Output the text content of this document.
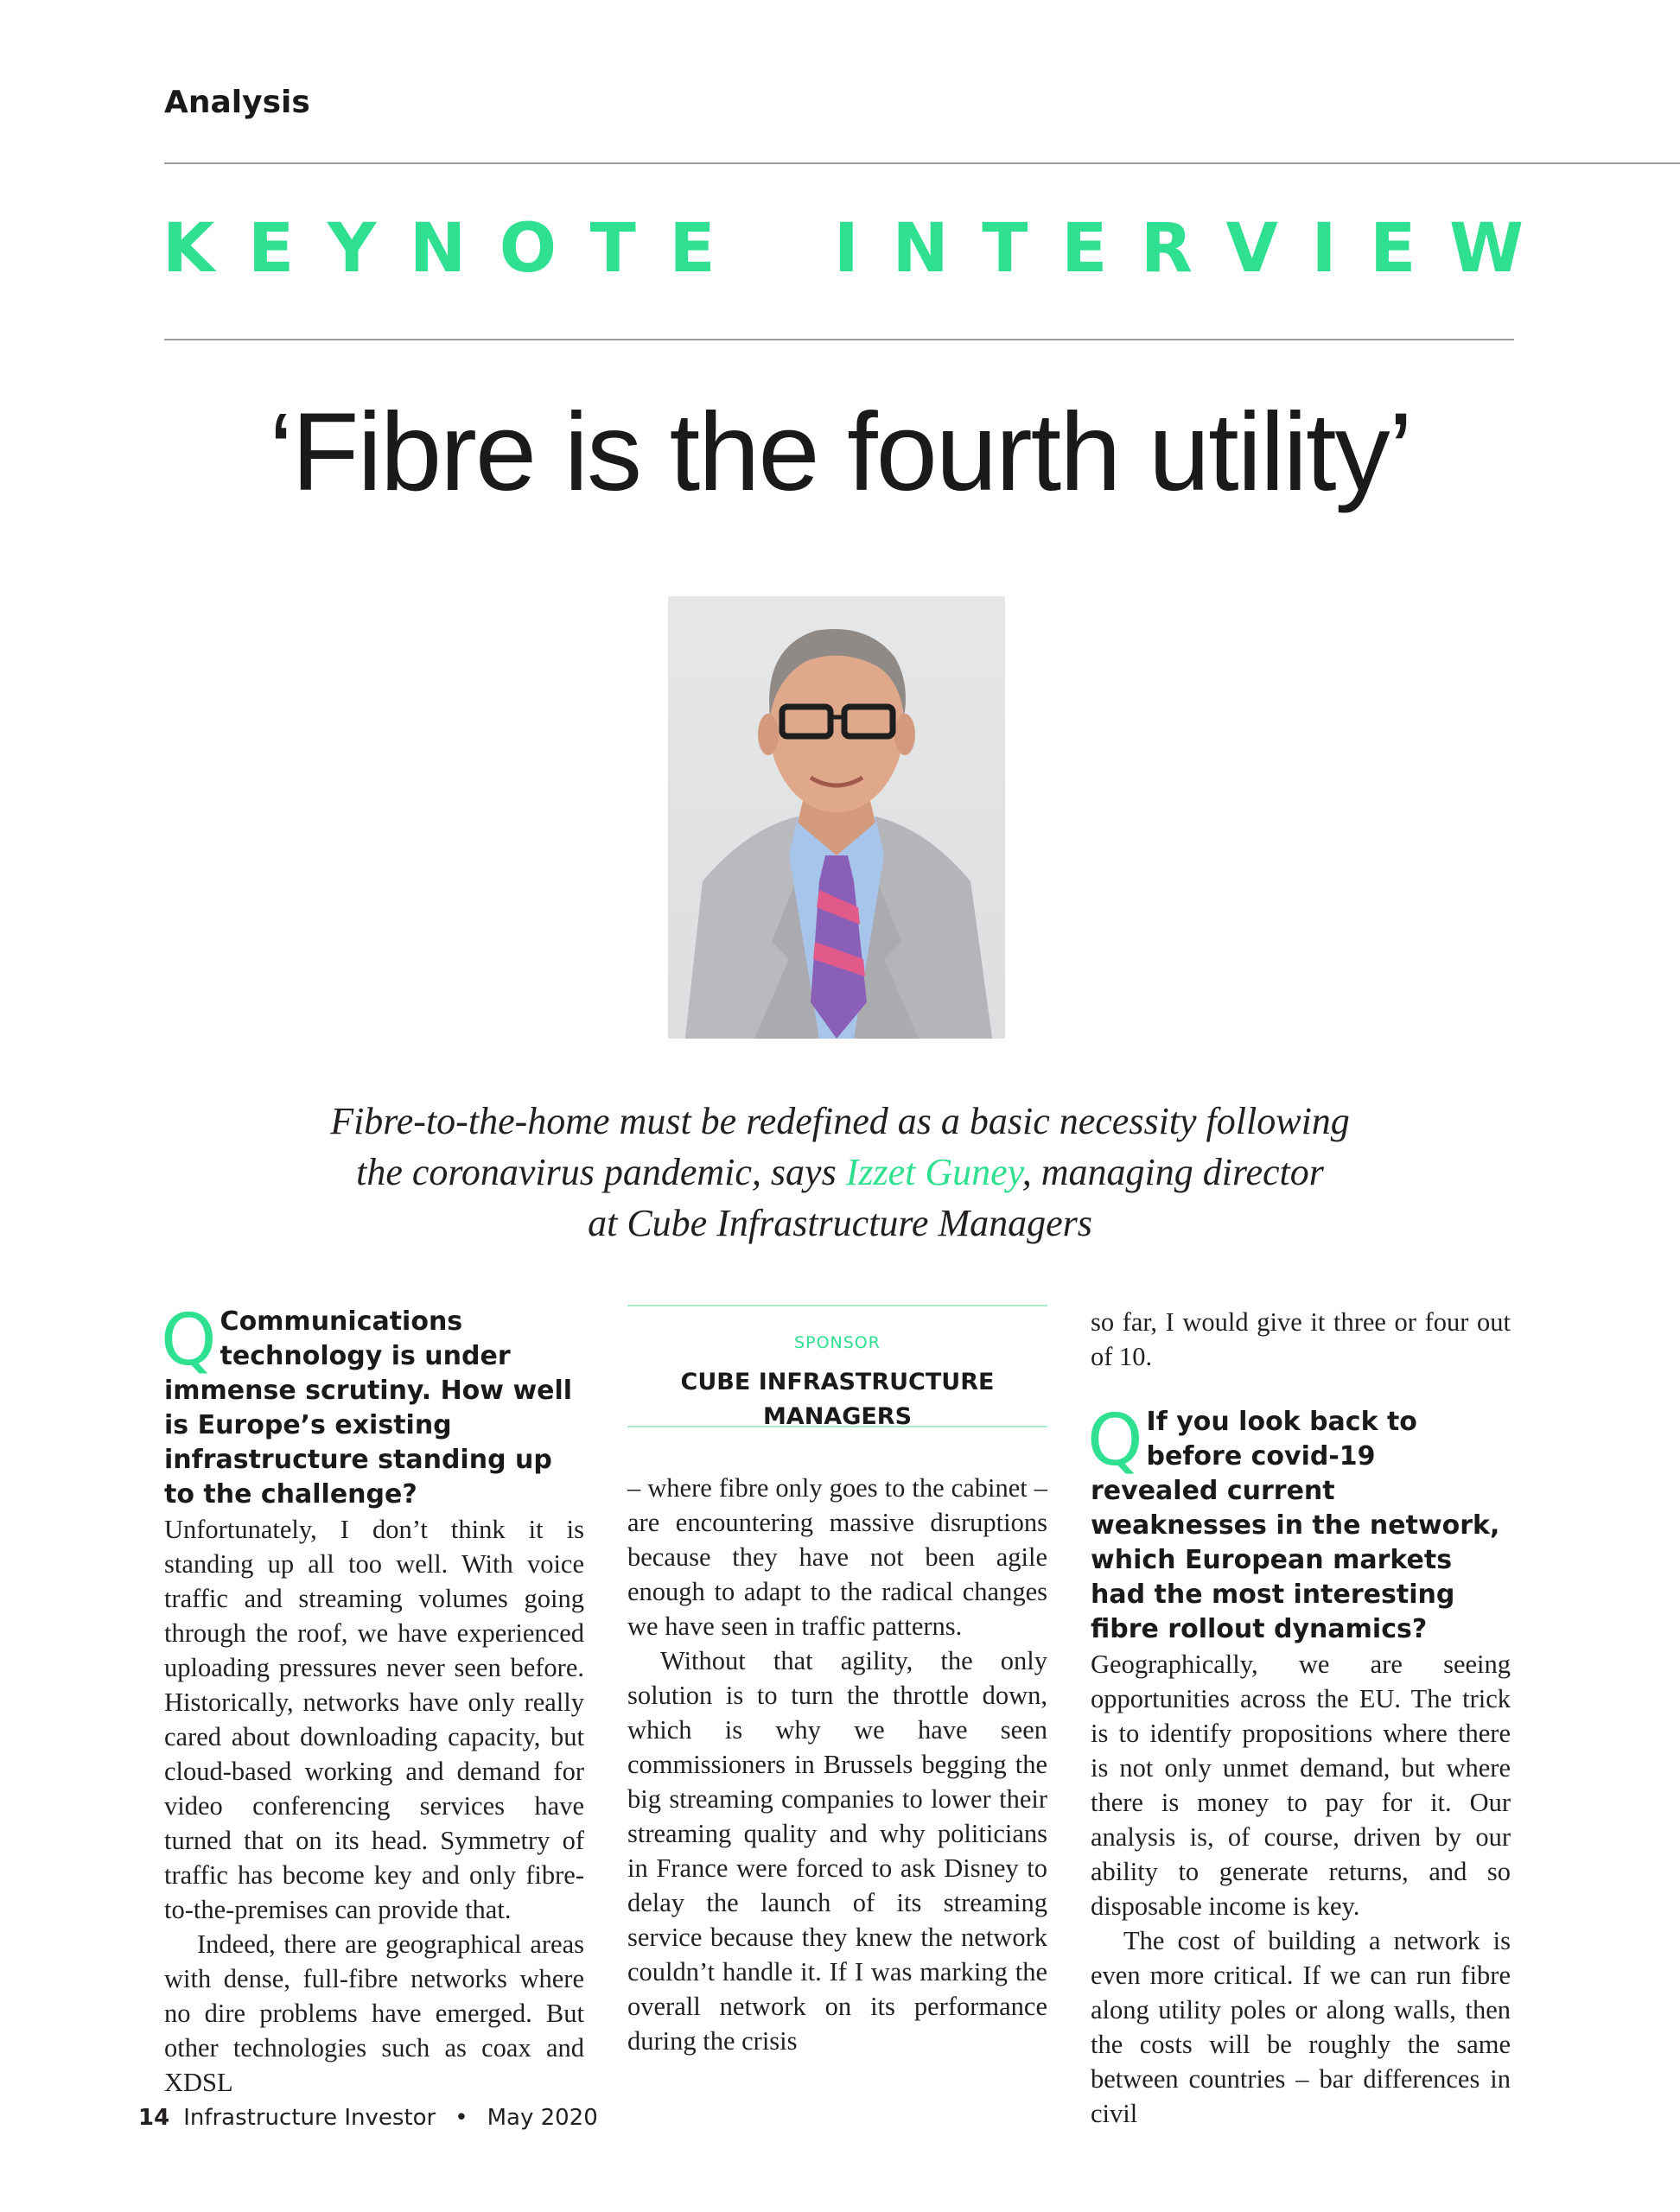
Analysis
K E Y N O T E I N T E R V I E W
‘Fibre is the fourth utility’
Fibre-to-the-home must be redefined as a basic necessity following
the coronavirus pandemic, says Izzet Guney, managing director
at Cube Infrastructure Managers
Q Communications technology is under immense scrutiny. How well is Europe’s existing infrastructure standing up to the challenge?

Unfortunately, I don’t think it is standing up all too well. With voice traffic and streaming volumes going through the roof, we have experienced uploading pressures never seen before. Historically, networks have only really cared about downloading capacity, but cloud-based working and demand for video conferencing services have turned that on its head. Symmetry of traffic has become key and only fibre-to-the-premises can provide that.

Indeed, there are geographical areas with dense, full-fibre networks where no dire problems have emerged. But other technologies such as coax and XDSL

SPONSOR
CUBE INFRASTRUCTURE
MANAGERS

– where fibre only goes to the cabinet – are encountering massive disruptions because they have not been agile enough to adapt to the radical changes we have seen in traffic patterns.

Without that agility, the only solution is to turn the throttle down, which is why we have seen commissioners in Brussels begging the big streaming companies to lower their streaming quality and why politicians in France were forced to ask Disney to delay the launch of its streaming service because they knew the network couldn’t handle it. If I was marking the overall network on its performance during the crisis

so far, I would give it three or four out of 10.

Q If you look back to before covid-19 revealed current weaknesses in the network, which European markets had the most interesting fibre rollout dynamics?

Geographically, we are seeing opportunities across the EU. The trick is to identify propositions where there is not only unmet demand, but where there is money to pay for it. Our analysis is, of course, driven by our ability to generate returns, and so disposable income is key.

The cost of building a network is even more critical. If we can run fibre along utility poles or along walls, then the costs will be roughly the same between countries – bar differences in civil

14 Infrastructure Investor • May 2020
